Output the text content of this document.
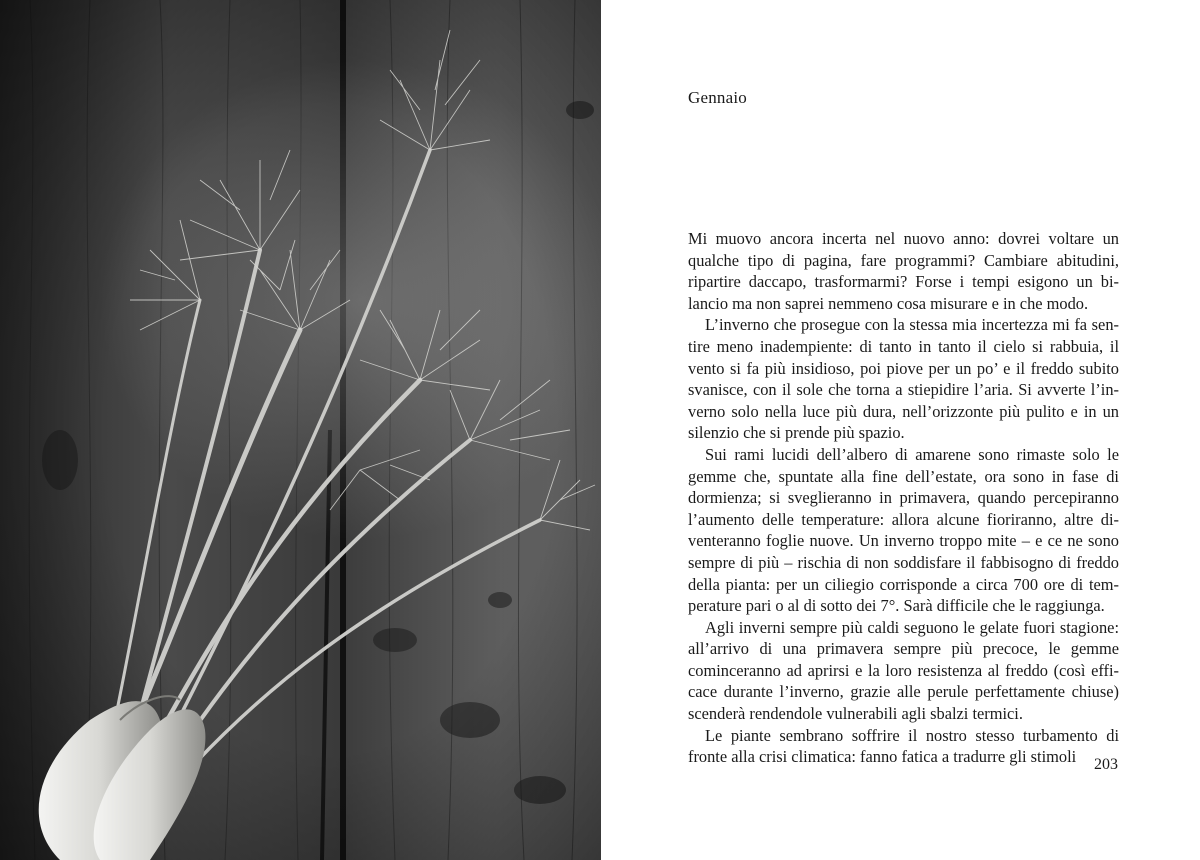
Gennaio

Mi muovo ancora incerta nel nuovo anno: dovrei voltare un qualche tipo di pagina, fare programmi? Cambiare abitudini, ripartire daccapo, trasformarmi? Forse i tempi esigono un bilancio ma non saprei nemmeno cosa misurare e in che modo.

L’inverno che prosegue con la stessa mia incertezza mi fa sentire meno inadempiente: di tanto in tanto il cielo si rabbuia, il vento si fa più insidioso, poi piove per un po’ e il freddo subito svanisce, con il sole che torna a stiepidire l’aria. Si avverte l’inverno solo nella luce più dura, nell’orizzonte più pulito e in un silenzio che si prende più spazio.

Sui rami lucidi dell’albero di amarene sono rimaste solo le gemme che, spuntate alla fine dell’estate, ora sono in fase di dormienza; si sveglieranno in primavera, quando percepiranno l’aumento delle temperature: allora alcune fioriranno, altre diventeranno foglie nuove. Un inverno troppo mite – e ce ne sono sempre di più – rischia di non soddisfare il fabbisogno di freddo della pianta: per un ciliegio corrisponde a circa 700 ore di temperature pari o al di sotto dei 7°. Sarà difficile che le raggiunga.

Agli inverni sempre più caldi seguono le gelate fuori stagione: all’arrivo di una primavera sempre più precoce, le gemme cominceranno ad aprirsi e la loro resistenza al freddo (così efficace durante l’inverno, grazie alle perule perfettamente chiuse) scenderà rendendole vulnerabili agli sbalzi termici.

Le piante sembrano soffrire il nostro stesso turbamento di fronte alla crisi climatica: fanno fatica a tradurre gli stimoli	203
